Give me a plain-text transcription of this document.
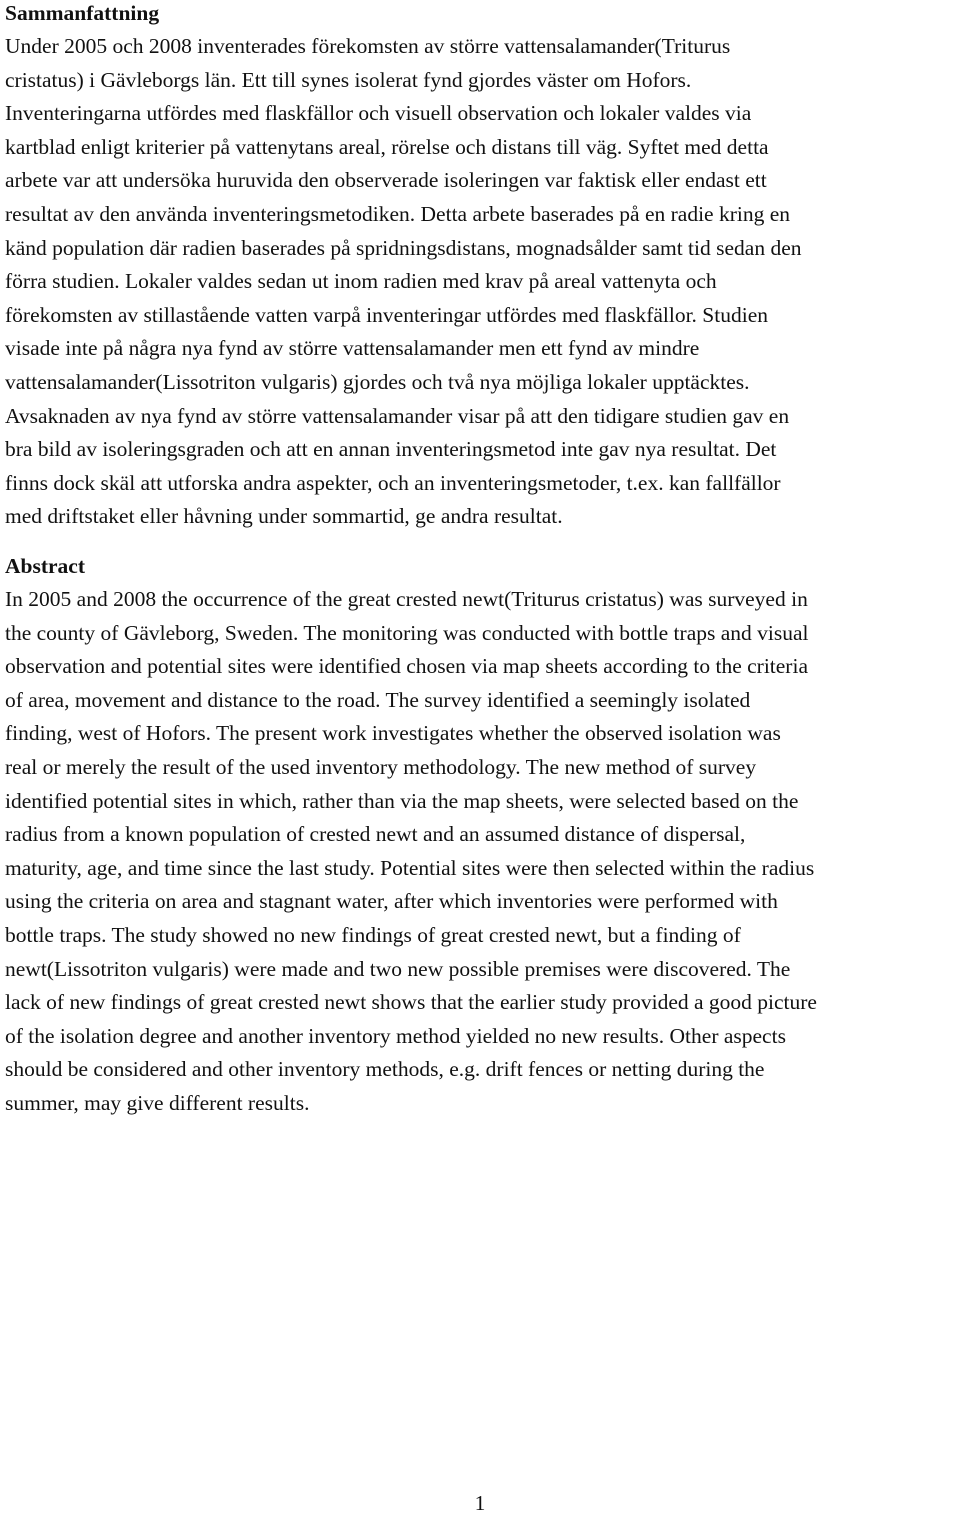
Sammanfattning

Under 2005 och 2008 inventerades förekomsten av större vattensalamander(Triturus
cristatus) i Gävleborgs län. Ett till synes isolerat fynd gjordes väster om Hofors.
Inventeringarna utfördes med flaskfällor och visuell observation och lokaler valdes via
kartblad enligt kriterier på vattenytans areal, rörelse och distans till väg. Syftet med detta
arbete var att undersöka huruvida den observerade isoleringen var faktisk eller endast ett
resultat av den använda inventeringsmetodiken. Detta arbete baserades på en radie kring en
känd population där radien baserades på spridningsdistans, mognadsålder samt tid sedan den
förra studien. Lokaler valdes sedan ut inom radien med krav på areal vattenyta och
förekomsten av stillastående vatten varpå inventeringar utfördes med flaskfällor. Studien
visade inte på några nya fynd av större vattensalamander men ett fynd av mindre
vattensalamander(Lissotriton vulgaris) gjordes och två nya möjliga lokaler upptäcktes.
Avsaknaden av nya fynd av större vattensalamander visar på att den tidigare studien gav en
bra bild av isoleringsgraden och att en annan inventeringsmetod inte gav nya resultat. Det
finns dock skäl att utforska andra aspekter, och an inventeringsmetoder, t.ex. kan fallfällor
med driftstaket eller håvning under sommartid, ge andra resultat.

Abstract

In 2005 and 2008 the occurrence of the great crested newt(Triturus cristatus) was surveyed in
the county of Gävleborg, Sweden. The monitoring was conducted with bottle traps and visual
observation and potential sites were identified chosen via map sheets according to the criteria
of area, movement and distance to the road. The survey identified a seemingly isolated
finding, west of Hofors. The present work investigates whether the observed isolation was
real or merely the result of the used inventory methodology. The new method of survey
identified potential sites in which, rather than via the map sheets, were selected based on the
radius from a known population of crested newt and an assumed distance of dispersal,
maturity, age, and time since the last study. Potential sites were then selected within the radius
using the criteria on area and stagnant water, after which inventories were performed with
bottle traps. The study showed no new findings of great crested newt, but a finding of
newt(Lissotriton vulgaris) were made and two new possible premises were discovered. The
lack of new findings of great crested newt shows that the earlier study provided a good picture
of the isolation degree and another inventory method yielded no new results. Other aspects
should be considered and other inventory methods, e.g. drift fences or netting during the
summer, may give different results.

1
